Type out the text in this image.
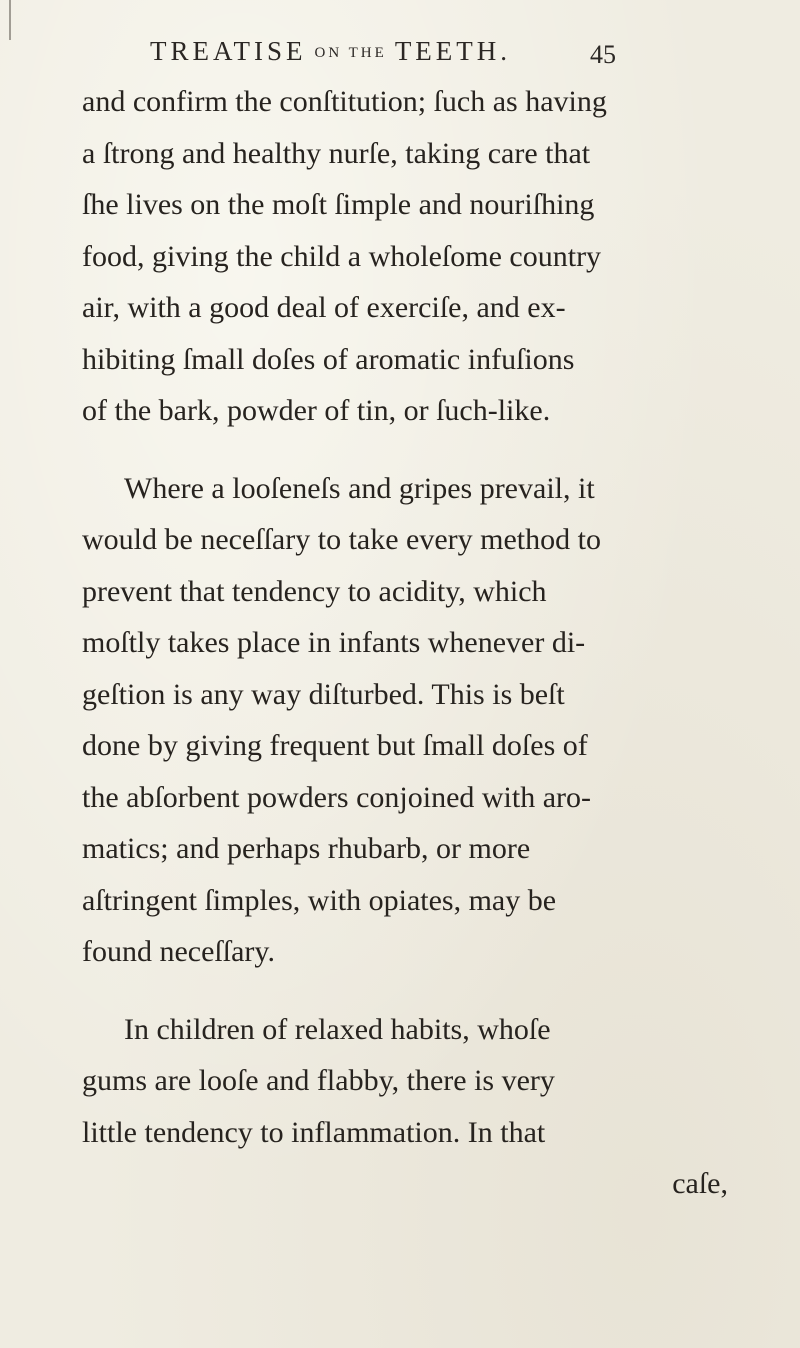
TREATISE ON THE TEETH.	45
and confirm the conſtitution; ſuch as having
a ſtrong and healthy nurſe, taking care that
ſhe lives on the moſt ſimple and nouriſhing
food, giving the child a wholeſome country
air, with a good deal of exerciſe, and ex-
hibiting ſmall doſes of aromatic infuſions
of the bark, powder of tin, or ſuch-like.
Where a looſeneſs and gripes prevail, it
would be neceſſary to take every method to
prevent that tendency to acidity, which
moſtly takes place in infants whenever di-
geſtion is any way diſturbed. This is beſt
done by giving frequent but ſmall doſes of
the abſorbent powders conjoined with aro-
matics; and perhaps rhubarb, or more
aſtringent ſimples, with opiates, may be
found neceſſary.
In children of relaxed habits, whoſe
gums are looſe and flabby, there is very
little tendency to inflammation. In that
caſe,
